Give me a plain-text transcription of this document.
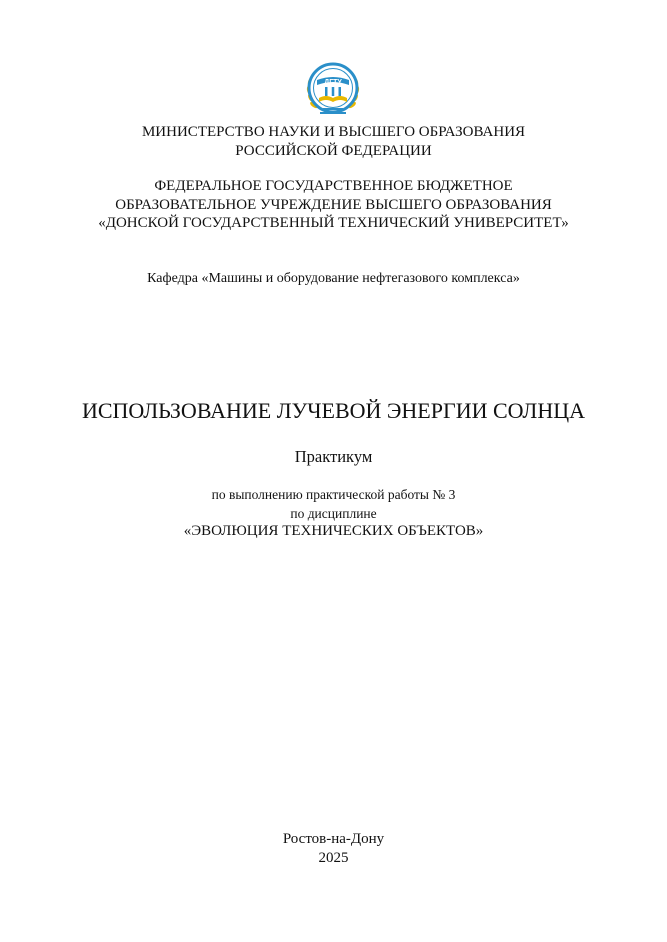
ДГТУ
МИНИСТЕРСТВО НАУКИ И ВЫСШЕГО ОБРАЗОВАНИЯ
РОССИЙСКОЙ ФЕДЕРАЦИИ
ФЕДЕРАЛЬНОЕ ГОСУДАРСТВЕННОЕ БЮДЖЕТНОЕ
ОБРАЗОВАТЕЛЬНОЕ УЧРЕЖДЕНИЕ ВЫСШЕГО ОБРАЗОВАНИЯ
«ДОНСКОЙ ГОСУДАРСТВЕННЫЙ ТЕХНИЧЕСКИЙ УНИВЕРСИТЕТ»
Кафедра «Машины и оборудование нефтегазового комплекса»
ИСПОЛЬЗОВАНИЕ ЛУЧЕВОЙ ЭНЕРГИИ СОЛНЦА
Практикум
по выполнению практической работы № 3
по дисциплине
«ЭВОЛЮЦИЯ ТЕХНИЧЕСКИХ ОБЪЕКТОВ»
Ростов-на-Дону
2025
